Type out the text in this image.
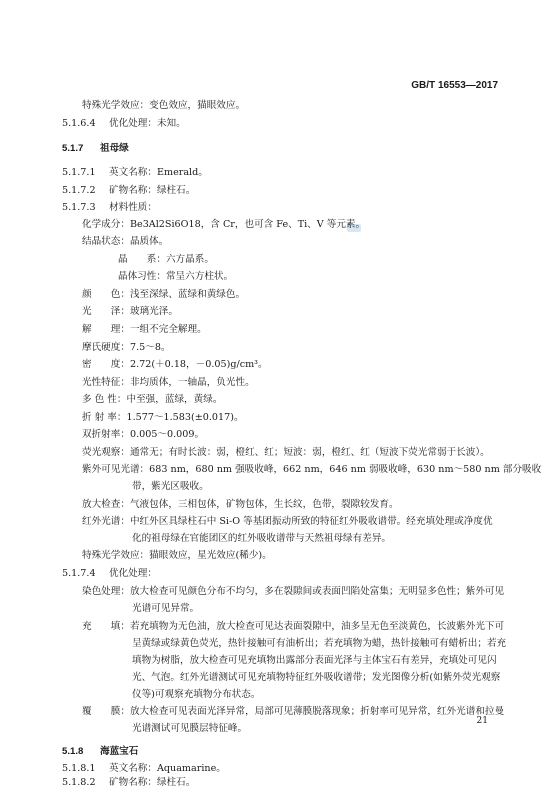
GB/T 16553—2017
特殊光学效应：变色效应，猫眼效应。
5.1.6.4 优化处理：未知。
5.1.7 祖母绿
5.1.7.1 英文名称：Emerald。
5.1.7.2 矿物名称：绿柱石。
5.1.7.3 材料性质：
化学成分：Be3Al2Si6O18，含 Cr，也可含 Fe、Ti、V 等元素。
结晶状态：晶质体。
晶　　系：六方晶系。
晶体习性：常呈六方柱状。
颜　　色：浅至深绿、蓝绿和黄绿色。
光　　泽：玻璃光泽。
解　　理：一组不完全解理。
摩氏硬度：7.5～8。
密　　度：2.72(＋0.18，－0.05)g/cm³。
光性特征：非均质体，一轴晶，负光性。
多 色 性：中至强，蓝绿，黄绿。
折 射 率：1.577～1.583(±0.017)。
双折射率：0.005～0.009。
荧光观察：通常无；有时长波：弱，橙红、红；短波：弱，橙红、红（短波下荧光常弱于长波）。
紫外可见光谱：683 nm，680 nm 强吸收峰，662 nm，646 nm 弱吸收峰，630 nm～580 nm 部分吸收
带，紫光区吸收。
放大检查：气液包体，三相包体，矿物包体，生长纹，色带，裂隙较发育。
红外光谱：中红外区具绿柱石中 Si-O 等基团振动所致的特征红外吸收谱带。经充填处理或净度优
化的祖母绿在官能团区的红外吸收谱带与天然祖母绿有差异。
特殊光学效应：猫眼效应，星光效应(稀少)。
5.1.7.4 优化处理：
染色处理：放大检查可见颜色分布不均匀，多在裂隙间或表面凹陷处富集；无明显多色性；紫外可见
光谱可见异常。
充　　填：若充填物为无色油，放大检查可见达表面裂隙中，油多呈无色至淡黄色，长波紫外光下可
呈黄绿或绿黄色荧光，热针接触可有油析出；若充填物为蜡，热针接触可有蜡析出；若充
填物为树脂，放大检查可见充填物出露部分表面光泽与主体宝石有差异，充填处可见闪
光、气泡。红外光谱测试可见充填物特征红外吸收谱带；发光图像分析(如紫外荧光观察
仪等)可观察充填物分布状态。
覆　　膜：放大检查可见表面光泽异常，局部可见薄膜脱落现象；折射率可见异常，红外光谱和拉曼
光谱测试可见膜层特征峰。
5.1.8 海蓝宝石
5.1.8.1 英文名称：Aquamarine。
5.1.8.2 矿物名称：绿柱石。
21
